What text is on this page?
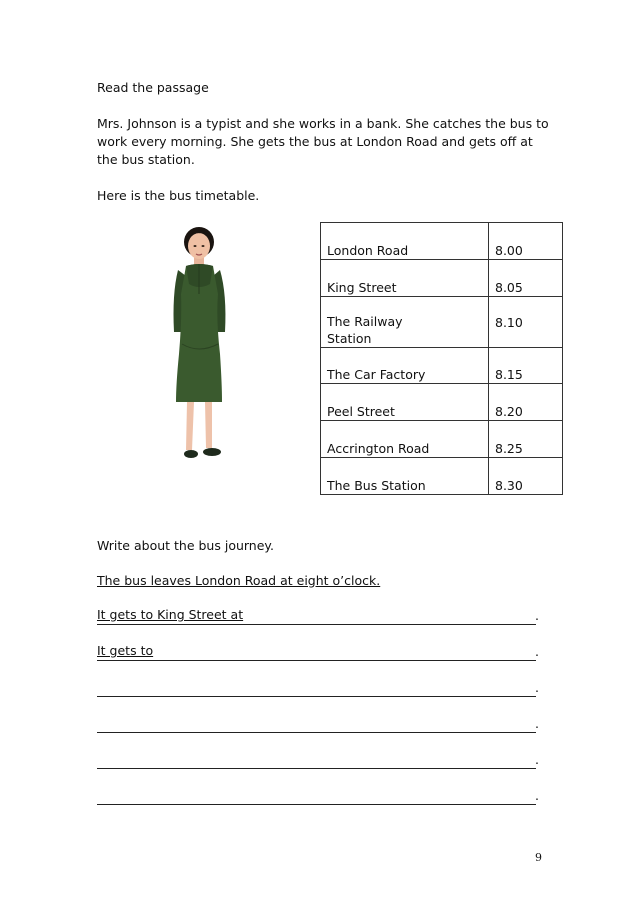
Read the passage
Mrs. Johnson is a typist and she works in a bank. She catches the bus to work every morning. She gets the bus at London Road and gets off at the bus station.
Here is the bus timetable.
London Road	8.00
King Street	8.05
The Railway Station	8.10
The Car Factory	8.15
Peel Street	8.20
Accrington Road	8.25
The Bus Station	8.30
Write about the bus journey.
The bus leaves London Road at eight o’clock.
It gets to King Street at	.
It gets to	.
.
.
.
.
9
